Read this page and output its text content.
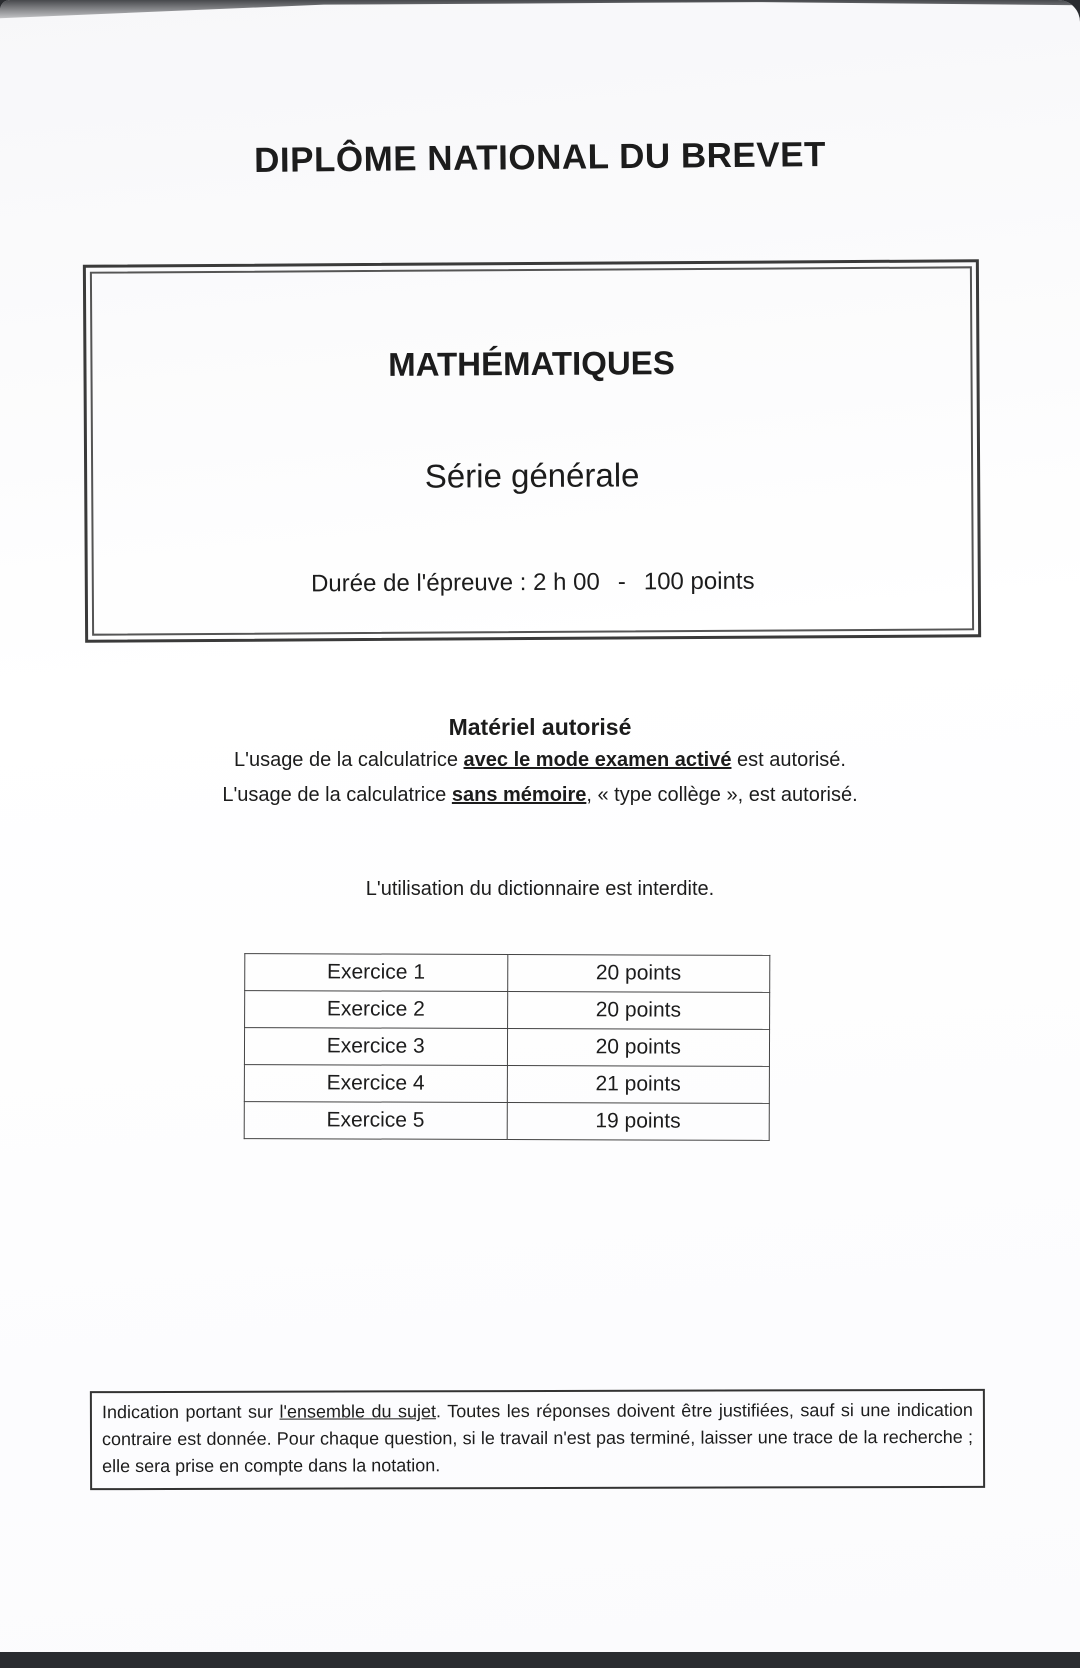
DIPLÔME NATIONAL DU BREVET
MATHÉMATIQUES
Série générale
Durée de l'épreuve : 2 h 00 - 100 points
Matériel autorisé
L'usage de la calculatrice avec le mode examen activé est autorisé.
L'usage de la calculatrice sans mémoire, « type collège », est autorisé.
L'utilisation du dictionnaire est interdite.
Exercice 1	20 points
Exercice 2	20 points
Exercice 3	20 points
Exercice 4	21 points
Exercice 5	19 points
Indication portant sur l'ensemble du sujet. Toutes les réponses doivent être justifiées, sauf si une indication contraire est donnée. Pour chaque question, si le travail n'est pas terminé, laisser une trace de la recherche ; elle sera prise en compte dans la notation.
